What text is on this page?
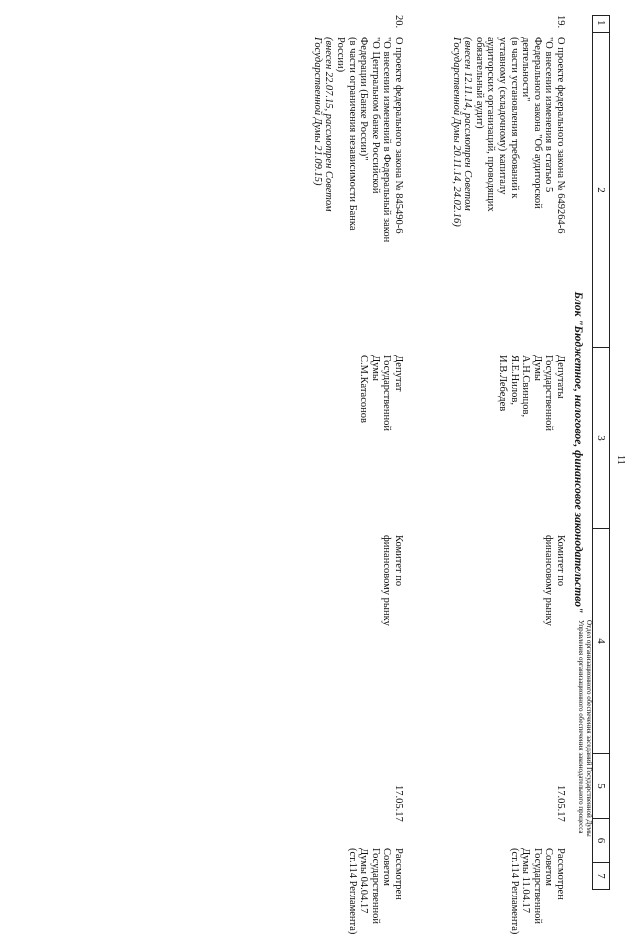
11
1
2
3
4
5
6
7
Блок "Бюджетное, налоговое, финансовое законодательство"
19.
О проекте федерального закона № 649264-6
"О внесении изменения в статью 5
Федерального закона "Об аудиторской
деятельности"
(в части установления требований к
уставному (складочному) капиталу
аудиторских организаций, проводящих
обязательный аудит)
(внесен 12.11.14, рассмотрен Советом
Государственной Думы 20.11.14, 24.02.16)
Депутаты
Государственной
Думы
А.Н.Свинцов,
Я.Е.Нилов,
И.В.Лебедев
Комитет по
финансовому рынку
17.05.17
Рассмотрен
Советом
Государственной
Думы 11.04.17
(ст.114 Регламента)
20.
О проекте федерального закона № 845490-6
"О внесении изменений в Федеральный закон
"О Центральном банке Российской
Федерации (Банке России)"
(в части ограничения независимости Банка
России)
(внесен 22.07.15, рассмотрен Советом
Государственной Думы 21.09.15)
Депутат
Государственной
Думы
С.М.Катасонов
Комитет по
финансовому рынку
17.05.17
Рассмотрен
Советом
Государственной
Думы 04.04.17
(ст.114 Регламента)
Отдел организационного обеспечения заседаний Государственной Думы
Управления организационного обеспечения законодательного процесса
